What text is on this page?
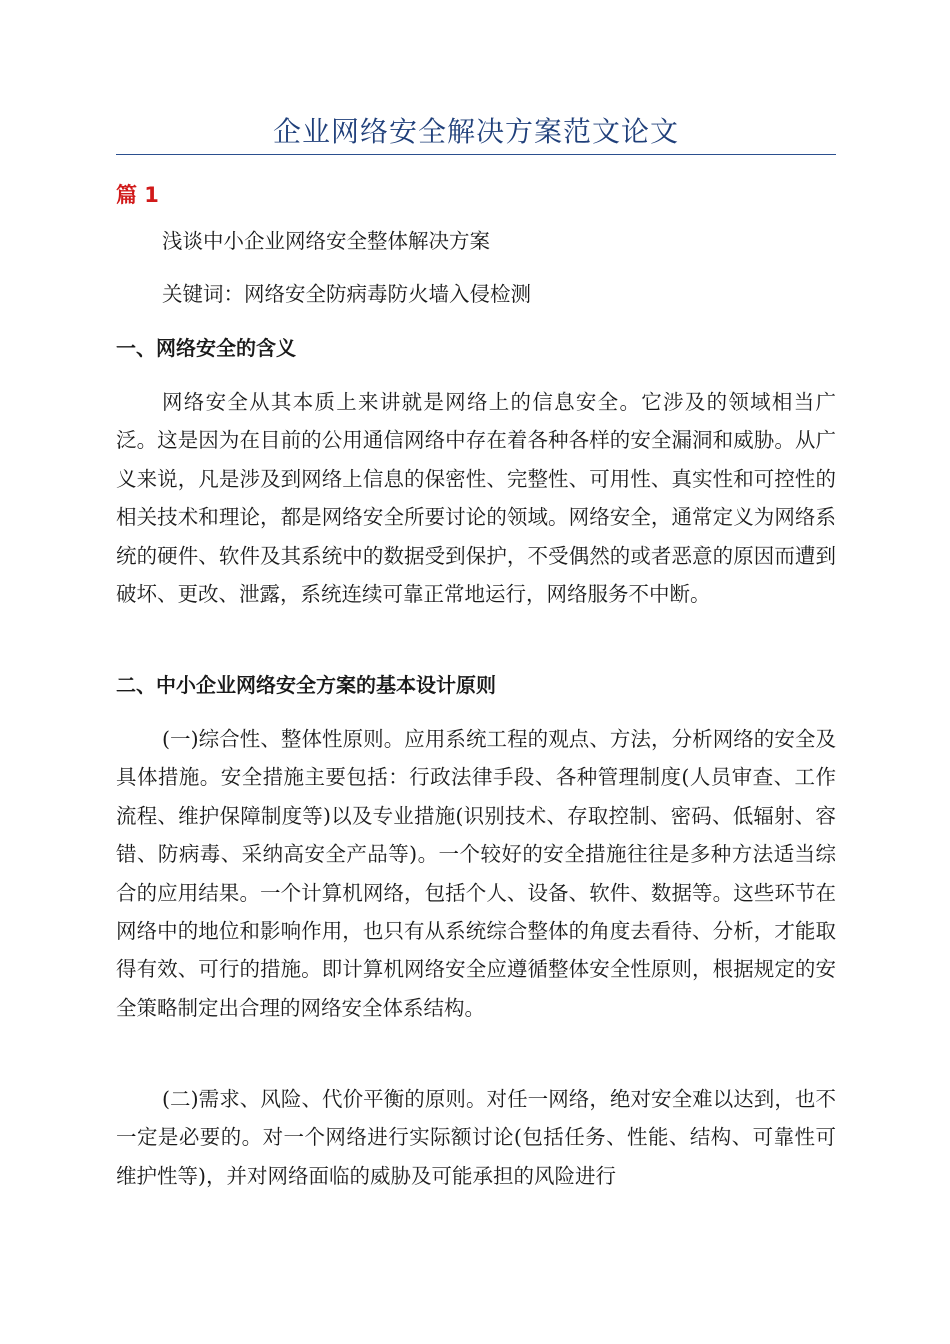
企业网络安全解决方案范文论文
篇 1
浅谈中小企业网络安全整体解决方案
关键词：网络安全防病毒防火墙入侵检测
一、网络安全的含义

网络安全从其本质上来讲就是网络上的信息安全。它涉及的领域相当广泛。这是因为在目前的公用通信网络中存在着各种各样的安全漏洞和威胁。从广义来说，凡是涉及到网络上信息的保密性、完整性、可用性、真实性和可控性的相关技术和理论，都是网络安全所要讨论的领域。网络安全，通常定义为网络系统的硬件、软件及其系统中的数据受到保护，不受偶然的或者恶意的原因而遭到破坏、更改、泄露，系统连续可靠正常地运行，网络服务不中断。

二、中小企业网络安全方案的基本设计原则

(一)综合性、整体性原则。应用系统工程的观点、方法，分析网络的安全及具体措施。安全措施主要包括：行政法律手段、各种管理制度(人员审查、工作流程、维护保障制度等)以及专业措施(识别技术、存取控制、密码、低辐射、容错、防病毒、采纳高安全产品等)。一个较好的安全措施往往是多种方法适当综合的应用结果。一个计算机网络，包括个人、设备、软件、数据等。这些环节在网络中的地位和影响作用，也只有从系统综合整体的角度去看待、分析，才能取得有效、可行的措施。即计算机网络安全应遵循整体安全性原则，根据规定的安全策略制定出合理的网络安全体系结构。

(二)需求、风险、代价平衡的原则。对任一网络，绝对安全难以达到，也不一定是必要的。对一个网络进行实际额讨论(包括任务、性能、结构、可靠性可维护性等)，并对网络面临的威胁及可能承担的风险进行
